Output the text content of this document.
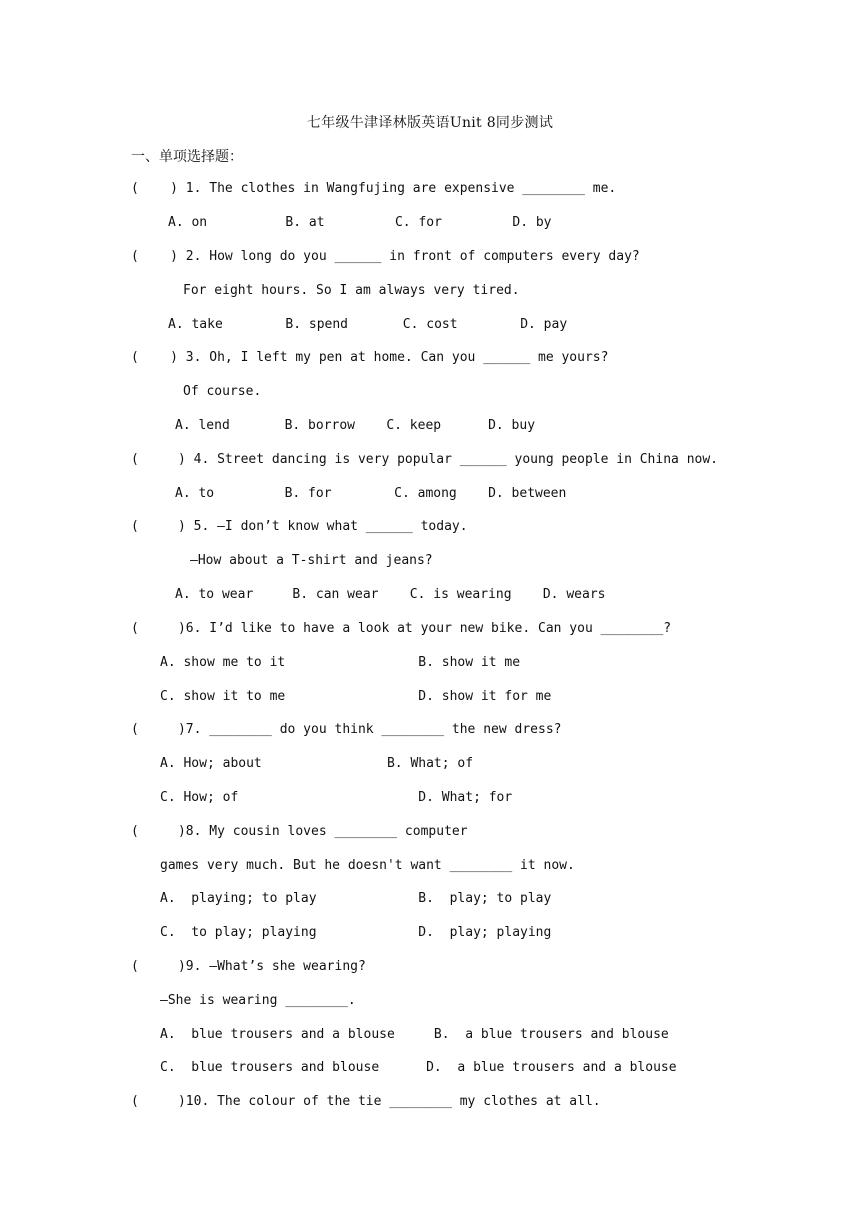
七年级牛津译林版英语Unit 8同步测试
一、单项选择题：
(    ) 1. The clothes in Wangfujing are expensive ________ me.
A. on          B. at         C. for         D. by
(    ) 2. How long do you ______ in front of computers every day?
For eight hours. So I am always very tired.
A. take        B. spend       C. cost        D. pay
(    ) 3. Oh, I left my pen at home. Can you ______ me yours?
Of course.
A. lend       B. borrow    C. keep      D. buy
(     ) 4. Street dancing is very popular ______ young people in China now.
A. to         B. for        C. among    D. between
(     ) 5. —I don’t know what ______ today.
—How about a T-shirt and jeans?
A. to wear     B. can wear    C. is wearing    D. wears
(     )6. I’d like to have a look at your new bike. Can you ________?
A. show me to it                 B. show it me
C. show it to me                 D. show it for me
(     )7. ________ do you think ________ the new dress?
A. How; about                B. What; of
C. How; of                       D. What; for
(     )8. My cousin loves ________ computer
games very much. But he doesn't want ________ it now.
A.  playing; to play             B.  play; to play
C.  to play; playing             D.  play; playing
(     )9. —What’s she wearing?
—She is wearing ________.
A.  blue trousers and a blouse     B.  a blue trousers and blouse
C.  blue trousers and blouse      D.  a blue trousers and a blouse
(     )10. The colour of the tie ________ my clothes at all.
